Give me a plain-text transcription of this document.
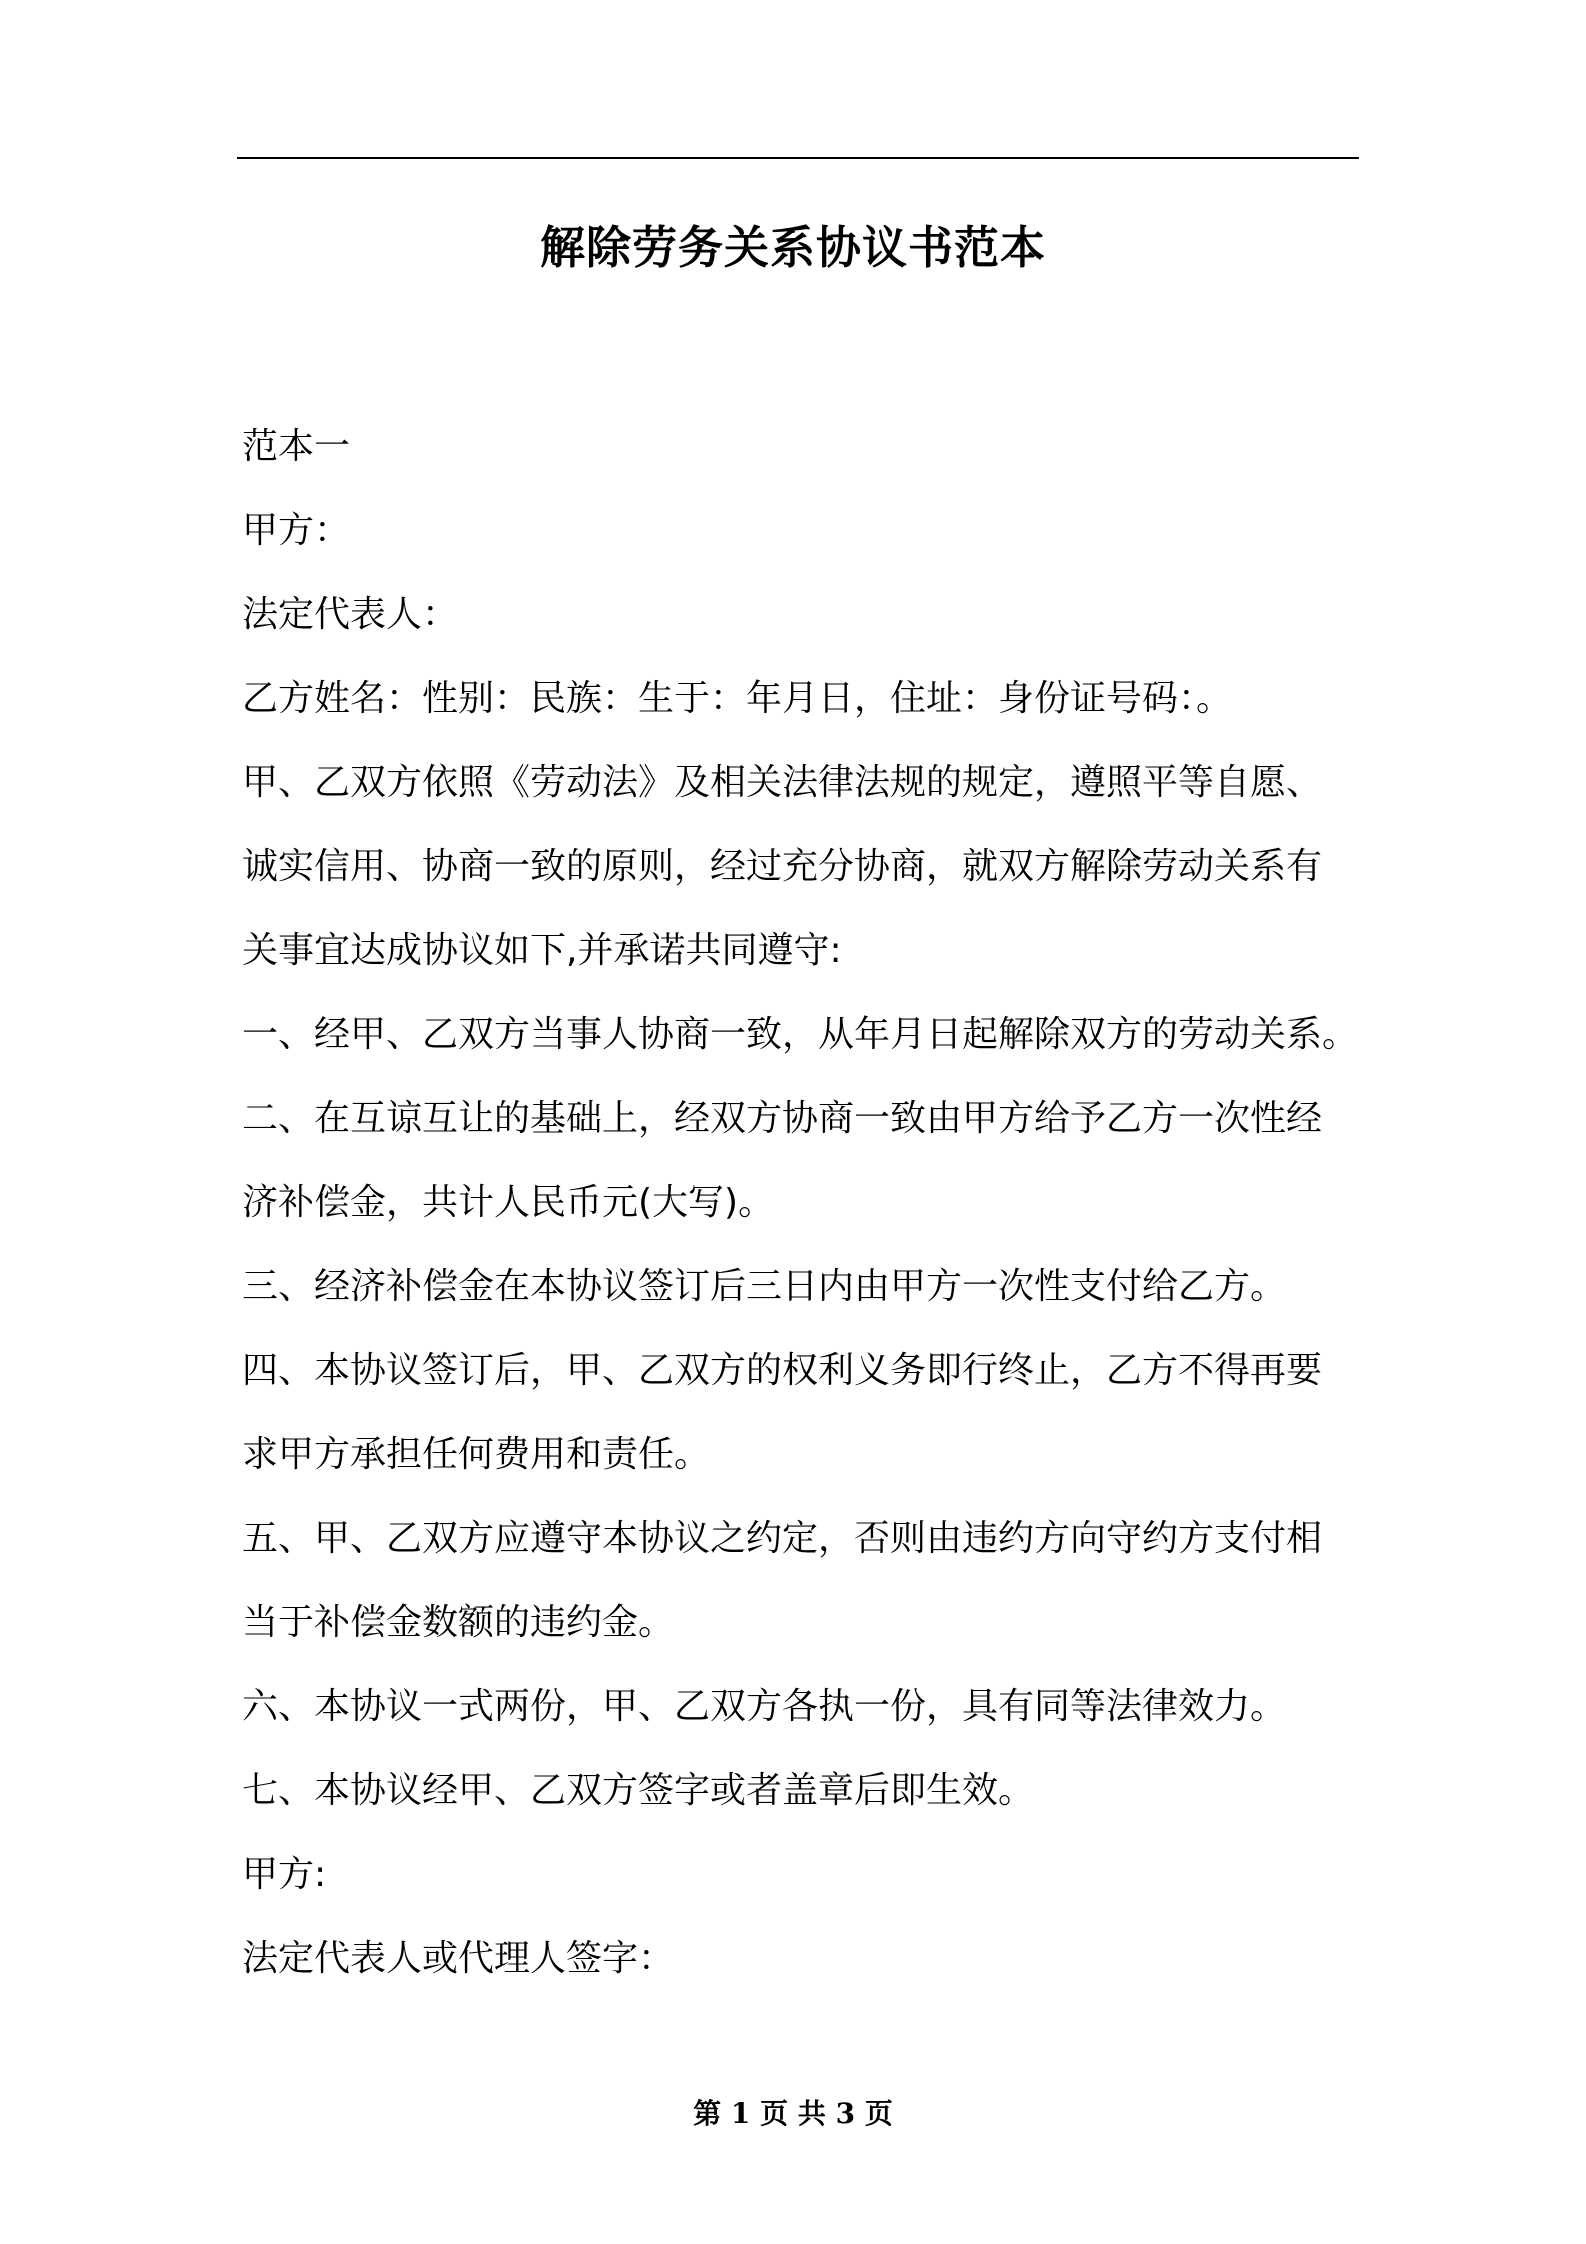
解除劳务关系协议书范本
范本一
甲方：
法定代表人：
乙方姓名：性别：民族：生于：年月日，住址：身份证号码：。
甲、乙双方依照《劳动法》及相关法律法规的规定，遵照平等自愿、
诚实信用、协商一致的原则，经过充分协商，就双方解除劳动关系有
关事宜达成协议如下,并承诺共同遵守:
一、经甲、乙双方当事人协商一致，从年月日起解除双方的劳动关系。
二、在互谅互让的基础上，经双方协商一致由甲方给予乙方一次性经
济补偿金，共计人民币元(大写)。
三、经济补偿金在本协议签订后三日内由甲方一次性支付给乙方。
四、本协议签订后，甲、乙双方的权利义务即行终止，乙方不得再要
求甲方承担任何费用和责任。
五、甲、乙双方应遵守本协议之约定，否则由违约方向守约方支付相
当于补偿金数额的违约金。
六、本协议一式两份，甲、乙双方各执一份，具有同等法律效力。
七、本协议经甲、乙双方签字或者盖章后即生效。
甲方:
法定代表人或代理人签字：
第 1 页 共 3 页
